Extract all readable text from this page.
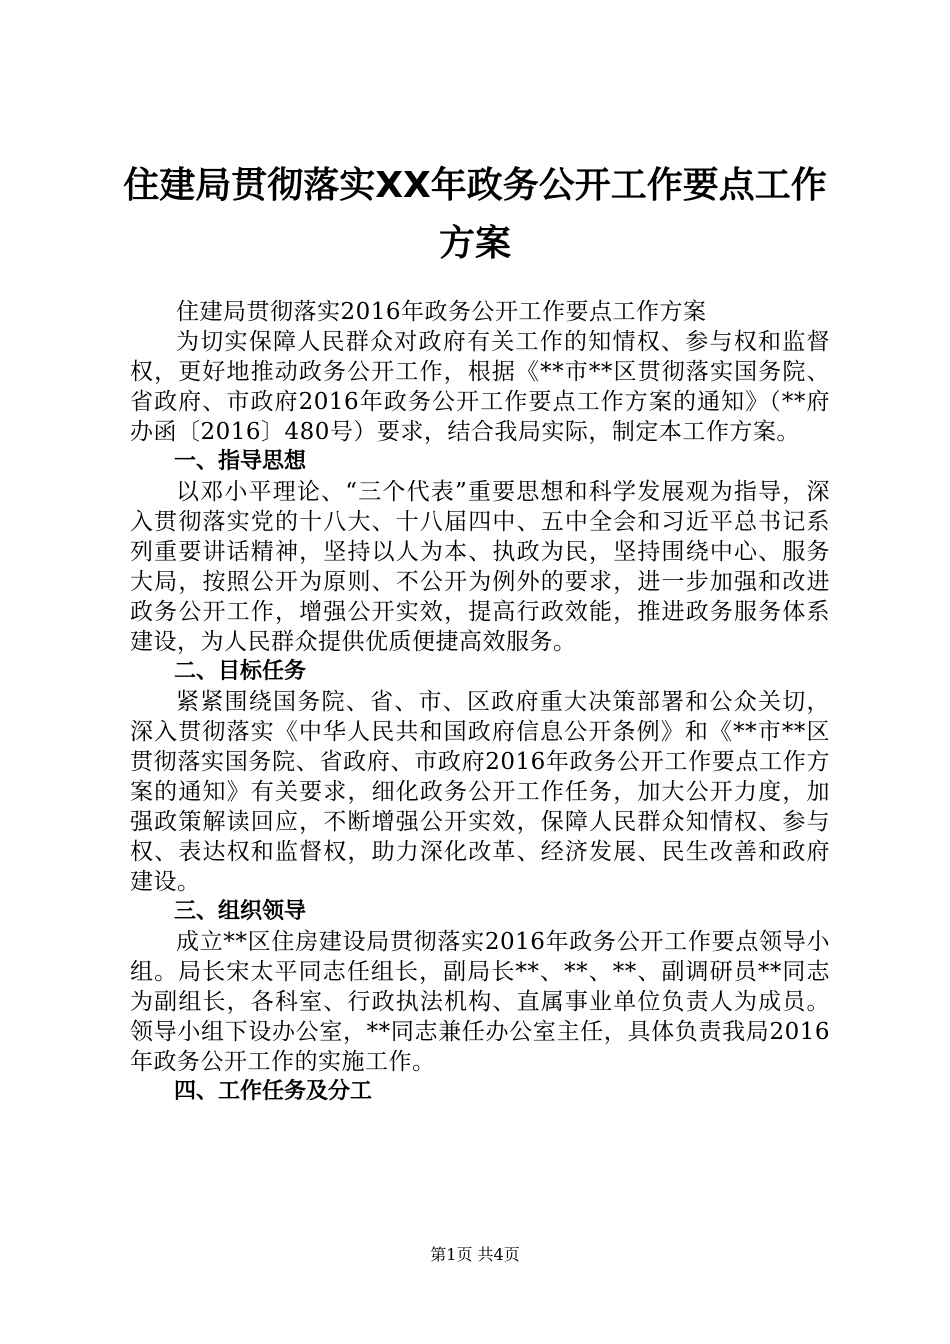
住建局贯彻落实XX年政务公开工作要点工作
方案

住建局贯彻落实2016年政务公开工作要点工作方案

为切实保障人民群众对政府有关工作的知情权、参与权和监督权，更好地推动政务公开工作，根据《**市**区贯彻落实国务院、省政府、市政府2016年政务公开工作要点工作方案的通知》（**府办函〔2016〕480号）要求，结合我局实际，制定本工作方案。

一、指导思想

以邓小平理论、“三个代表”重要思想和科学发展观为指导，深入贯彻落实党的十八大、十八届四中、五中全会和习近平总书记系列重要讲话精神，坚持以人为本、执政为民，坚持围绕中心、服务大局，按照公开为原则、不公开为例外的要求，进一步加强和改进政务公开工作，增强公开实效，提高行政效能，推进政务服务体系建设，为人民群众提供优质便捷高效服务。

二、目标任务

紧紧围绕国务院、省、市、区政府重大决策部署和公众关切，深入贯彻落实《中华人民共和国政府信息公开条例》和《**市**区贯彻落实国务院、省政府、市政府2016年政务公开工作要点工作方案的通知》有关要求，细化政务公开工作任务，加大公开力度，加强政策解读回应，不断增强公开实效，保障人民群众知情权、参与权、表达权和监督权，助力深化改革、经济发展、民生改善和政府建设。

三、组织领导

成立**区住房建设局贯彻落实2016年政务公开工作要点领导小组。局长宋太平同志任组长，副局长**、**、**、副调研员**同志为副组长，各科室、行政执法机构、直属事业单位负责人为成员。领导小组下设办公室，**同志兼任办公室主任，具体负责我局2016年政务公开工作的实施工作。

四、工作任务及分工

第1页 共4页
